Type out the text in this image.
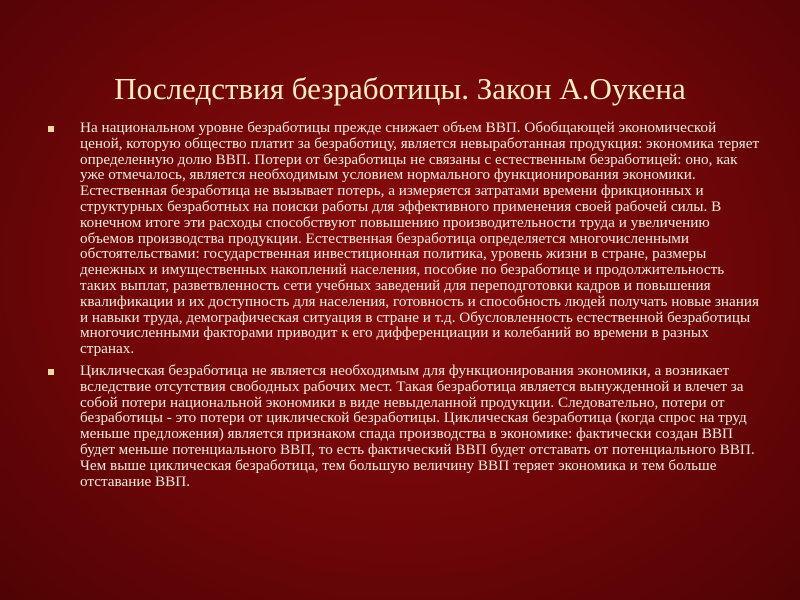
Последствия безработицы. Закон А.Оукена
На национальном уровне безработицы прежде снижает объем ВВП. Обобщающей экономической ценой, которую общество платит за безработицу, является невыработанная продукция: экономика теряет определенную долю ВВП. Потери от безработицы не связаны с естественным безработицей: оно, как уже отмечалось, является необходимым условием нормального функционирования экономики. Естественная безработица не вызывает потерь, а измеряется затратами времени фрикционных и структурных безработных на поиски работы для эффективного применения своей рабочей силы. В конечном итоге эти расходы способствуют повышению производительности труда и увеличению объемов производства продукции. Естественная безработица определяется многочисленными обстоятельствами: государственная инвестиционная политика, уровень жизни в стране, размеры денежных и имущественных накоплений населения, пособие по безработице и продолжительность таких выплат, разветвленность сети учебных заведений для переподготовки кадров и повышения квалификации и их доступность для населения, готовность и способность людей получать новые знания и навыки труда, демографическая ситуация в стране и т.д. Обусловленность естественной безработицы многочисленными факторами приводит к его дифференциации и колебаний во времени в разных странах.
Циклическая безработица не является необходимым для функционирования экономики, а возникает вследствие отсутствия свободных рабочих мест. Такая безработица является вынужденной и влечет за собой потери национальной экономики в виде невыделанной продукции. Следовательно, потери от безработицы - это потери от циклической безработицы. Циклическая безработица (когда спрос на труд меньше предложения) является признаком спада производства в экономике: фактически создан ВВП будет меньше потенциального ВВП, то есть фактический ВВП будет отставать от потенциального ВВП. Чем выше циклическая безработица, тем большую величину ВВП теряет экономика и тем больше отставание ВВП.
